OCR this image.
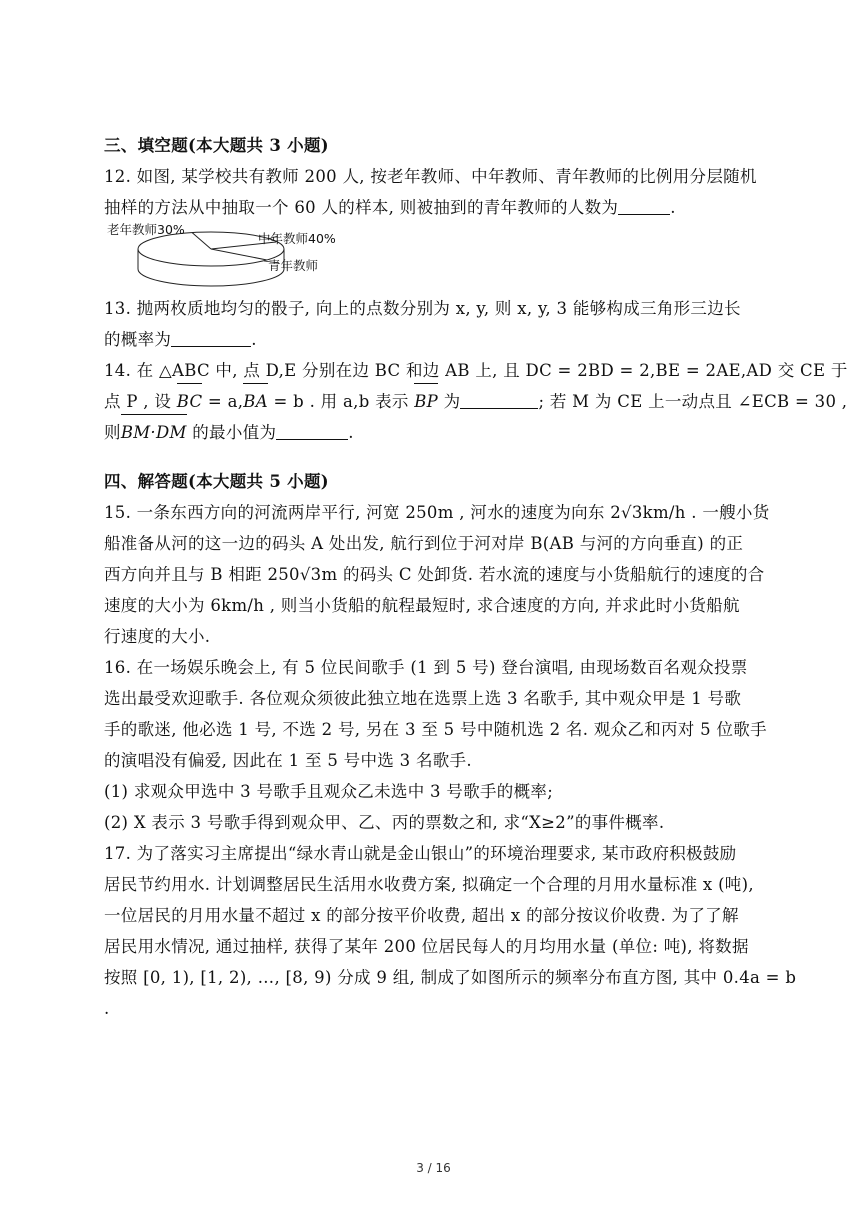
三、填空题(本大题共 3 小题)
12. 如图, 某学校共有教师 200 人, 按老年教师、中年教师、青年教师的比例用分层随机
抽样的方法从中抽取一个 60 人的样本, 则被抽到的青年教师的人数为	.
老年教师30%
中年教师40%
青年教师
13. 抛两枚质地均匀的骰子, 向上的点数分别为 x, y, 则 x, y, 3 能够构成三角形三边长
的概率为	.
14. 在 △ABC 中, 点 D,E 分别在边 BC 和边 AB 上, 且 DC = 2BD = 2,BE = 2AE,AD 交 CE 于
点 P , 设 BC = a,BA = b . 用 a,b 表示 BP 为	; 若 M 为 CE 上一动点且 ∠ECB = 30 ,
则BM·DM 的最小值为	.
四、解答题(本大题共 5 小题)
15. 一条东西方向的河流两岸平行, 河宽 250m , 河水的速度为向东 2√3km/h . 一艘小货
船准备从河的这一边的码头 A 处出发, 航行到位于河对岸 B(AB 与河的方向垂直) 的正
西方向并且与 B 相距 250√3m 的码头 C 处卸货. 若水流的速度与小货船航行的速度的合
速度的大小为 6km/h , 则当小货船的航程最短时, 求合速度的方向, 并求此时小货船航
行速度的大小.
16. 在一场娱乐晚会上, 有 5 位民间歌手 (1 到 5 号) 登台演唱, 由现场数百名观众投票
选出最受欢迎歌手. 各位观众须彼此独立地在选票上选 3 名歌手, 其中观众甲是 1 号歌
手的歌迷, 他必选 1 号, 不选 2 号, 另在 3 至 5 号中随机选 2 名. 观众乙和丙对 5 位歌手
的演唱没有偏爱, 因此在 1 至 5 号中选 3 名歌手.
(1) 求观众甲选中 3 号歌手且观众乙未选中 3 号歌手的概率;
(2) X 表示 3 号歌手得到观众甲、乙、丙的票数之和, 求“X≥2”的事件概率.
17. 为了落实习主席提出“绿水青山就是金山银山”的环境治理要求, 某市政府积极鼓励
居民节约用水. 计划调整居民生活用水收费方案, 拟确定一个合理的月用水量标准 x (吨),
一位居民的月用水量不超过 x 的部分按平价收费, 超出 x 的部分按议价收费. 为了了解
居民用水情况, 通过抽样, 获得了某年 200 位居民每人的月均用水量 (单位: 吨), 将数据
按照 [0, 1), [1, 2), …, [8, 9) 分成 9 组, 制成了如图所示的频率分布直方图, 其中 0.4a = b
.
3 / 16
